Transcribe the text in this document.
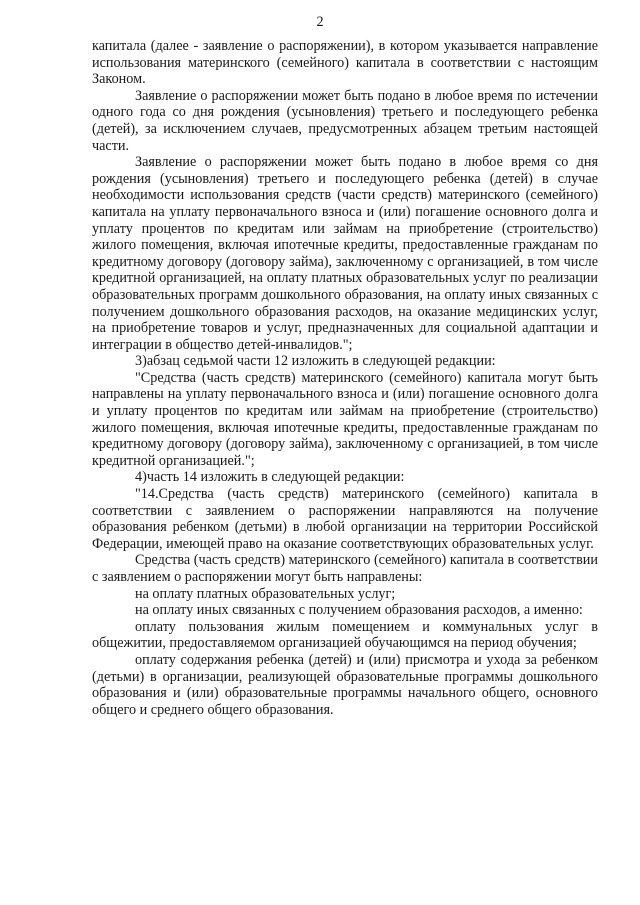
2

капитала (далее - заявление о распоряжении), в котором указывается направление использования материнского (семейного) капитала в соответствии с настоящим Законом.

Заявление о распоряжении может быть подано в любое время по истечении одного года со дня рождения (усыновления) третьего и последующего ребенка (детей), за исключением случаев, предусмотренных абзацем третьим настоящей части.

Заявление о распоряжении может быть подано в любое время со дня рождения (усыновления) третьего и последующего ребенка (детей) в случае необходимости использования средств (части средств) материнского (семейного) капитала на уплату первоначального взноса и (или) погашение основного долга и уплату процентов по кредитам или займам на приобретение (строительство) жилого помещения, включая ипотечные кредиты, предоставленные гражданам по кредитному договору (договору займа), заключенному с организацией, в том числе кредитной организацией, на оплату платных образовательных услуг по реализации образовательных программ дошкольного образования, на оплату иных связанных с получением дошкольного образования расходов, на оказание медицинских услуг, на приобретение товаров и услуг, предназначенных для социальной адаптации и интеграции в общество детей-инвалидов.";

3)абзац седьмой части 12 изложить в следующей редакции:

"Средства (часть средств) материнского (семейного) капитала могут быть направлены на уплату первоначального взноса и (или) погашение основного долга и уплату процентов по кредитам или займам на приобретение (строительство) жилого помещения, включая ипотечные кредиты, предоставленные гражданам по кредитному договору (договору займа), заключенному с организацией, в том числе кредитной организацией.";

4)часть 14 изложить в следующей редакции:

"14.Средства (часть средств) материнского (семейного) капитала в соответствии с заявлением о распоряжении направляются на получение образования ребенком (детьми) в любой организации на территории Российской Федерации, имеющей право на оказание соответствующих образовательных услуг.

Средства (часть средств) материнского (семейного) капитала в соответствии с заявлением о распоряжении могут быть направлены:

на оплату платных образовательных услуг;

на оплату иных связанных с получением образования расходов, а именно:

оплату пользования жилым помещением и коммунальных услуг в общежитии, предоставляемом организацией обучающимся на период обучения;

оплату содержания ребенка (детей) и (или) присмотра и ухода за ребенком (детьми) в организации, реализующей образовательные программы дошкольного образования и (или) образовательные программы начального общего, основного общего и среднего общего образования.
